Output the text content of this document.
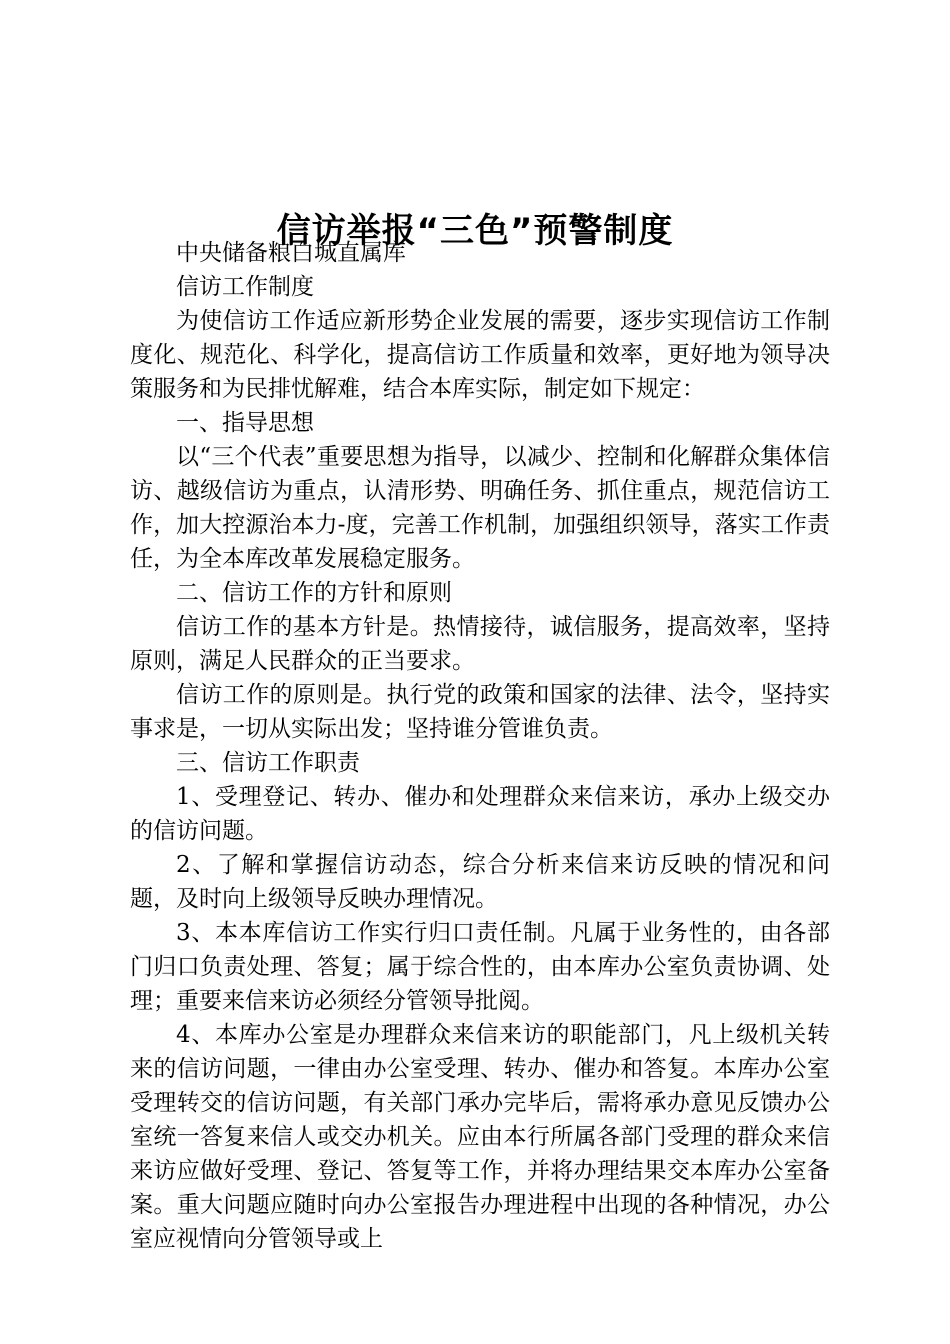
信访举报“三色”预警制度

中央储备粮白城直属库

信访工作制度

为使信访工作适应新形势企业发展的需要，逐步实现信访工作制度化、规范化、科学化，提高信访工作质量和效率，更好地为领导决策服务和为民排忧解难，结合本库实际，制定如下规定：

一、指导思想

以“三个代表”重要思想为指导，以减少、控制和化解群众集体信访、越级信访为重点，认清形势、明确任务、抓住重点，规范信访工作，加大控源治本力-度，完善工作机制，加强组织领导，落实工作责任，为全本库改革发展稳定服务。

二、信访工作的方针和原则

信访工作的基本方针是。热情接待，诚信服务，提高效率，坚持原则，满足人民群众的正当要求。

信访工作的原则是。执行党的政策和国家的法律、法令，坚持实事求是，一切从实际出发；坚持谁分管谁负责。

三、信访工作职责

1、受理登记、转办、催办和处理群众来信来访，承办上级交办的信访问题。

2、了解和掌握信访动态，综合分析来信来访反映的情况和问题，及时向上级领导反映办理情况。

3、本本库信访工作实行归口责任制。凡属于业务性的，由各部门归口负责处理、答复；属于综合性的，由本库办公室负责协调、处理；重要来信来访必须经分管领导批阅。

4、本库办公室是办理群众来信来访的职能部门，凡上级机关转来的信访问题，一律由办公室受理、转办、催办和答复。本库办公室受理转交的信访问题，有关部门承办完毕后，需将承办意见反馈办公室统一答复来信人或交办机关。应由本行所属各部门受理的群众来信来访应做好受理、登记、答复等工作，并将办理结果交本库办公室备案。重大问题应随时向办公室报告办理进程中出现的各种情况，办公室应视情向分管领导或上
